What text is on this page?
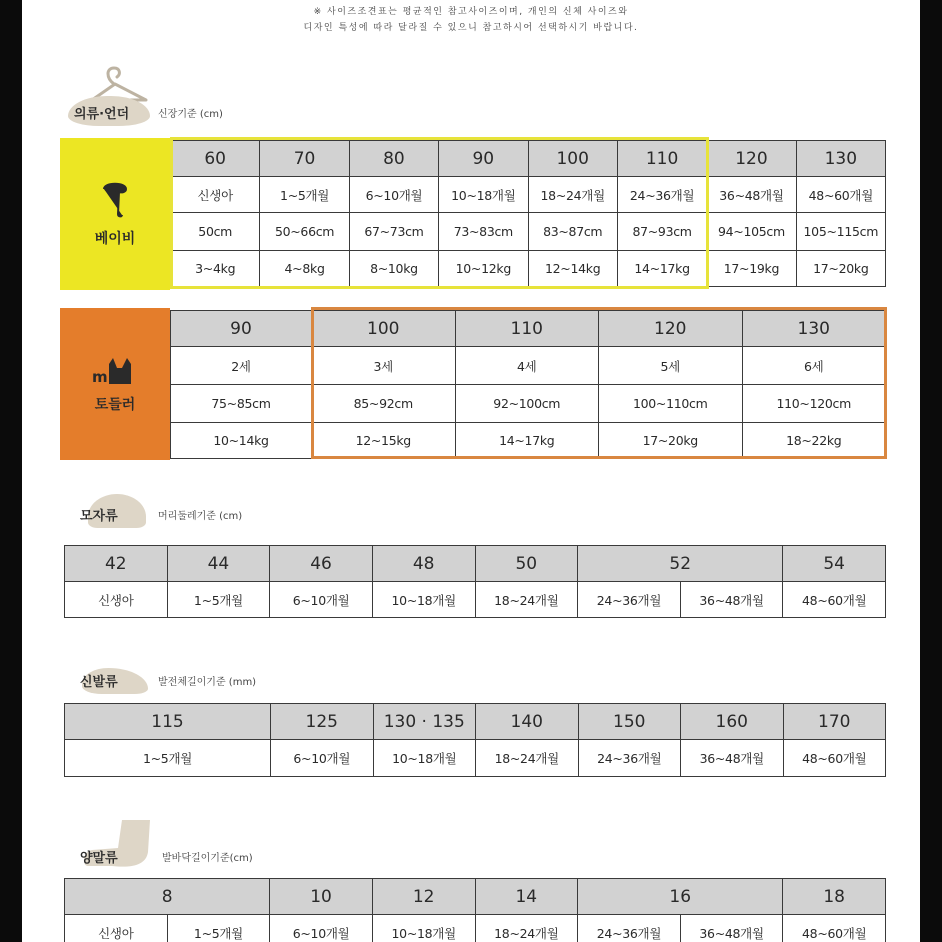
※ 사이즈조견표는 평균적인 참고사이즈이며, 개인의 신체 사이즈와
디자인 특성에 따라 달라질 수 있으니 참고하시어 선택하시기 바랍니다.
의류·언더	신장기준 (cm)
베이비
60	70	80	90	100	110	120	130
신생아	1~5개월	6~10개월	10~18개월	18~24개월	24~36개월	36~48개월	48~60개월
50cm	50~66cm	67~73cm	73~83cm	83~87cm	87~93cm	94~105cm	105~115cm
3~4kg	4~8kg	8~10kg	10~12kg	12~14kg	14~17kg	17~19kg	17~20kg
m
토들러
90	100	110	120	130
2세	3세	4세	5세	6세
75~85cm	85~92cm	92~100cm	100~110cm	110~120cm
10~14kg	12~15kg	14~17kg	17~20kg	18~22kg
모자류	머리둘레기준 (cm)
42	44	46	48	50	52		54
신생아	1~5개월	6~10개월	10~18개월	18~24개월	24~36개월	36~48개월	48~60개월
신발류	발전체길이기준 (mm)
115	125	130 · 135	140	150	160	170
1~5개월	6~10개월	10~18개월	18~24개월	24~36개월	36~48개월	48~60개월
양말류	발바닥길이기준(cm)
8		10	12	14	16		18
신생아	1~5개월	6~10개월	10~18개월	18~24개월	24~36개월	36~48개월	48~60개월
